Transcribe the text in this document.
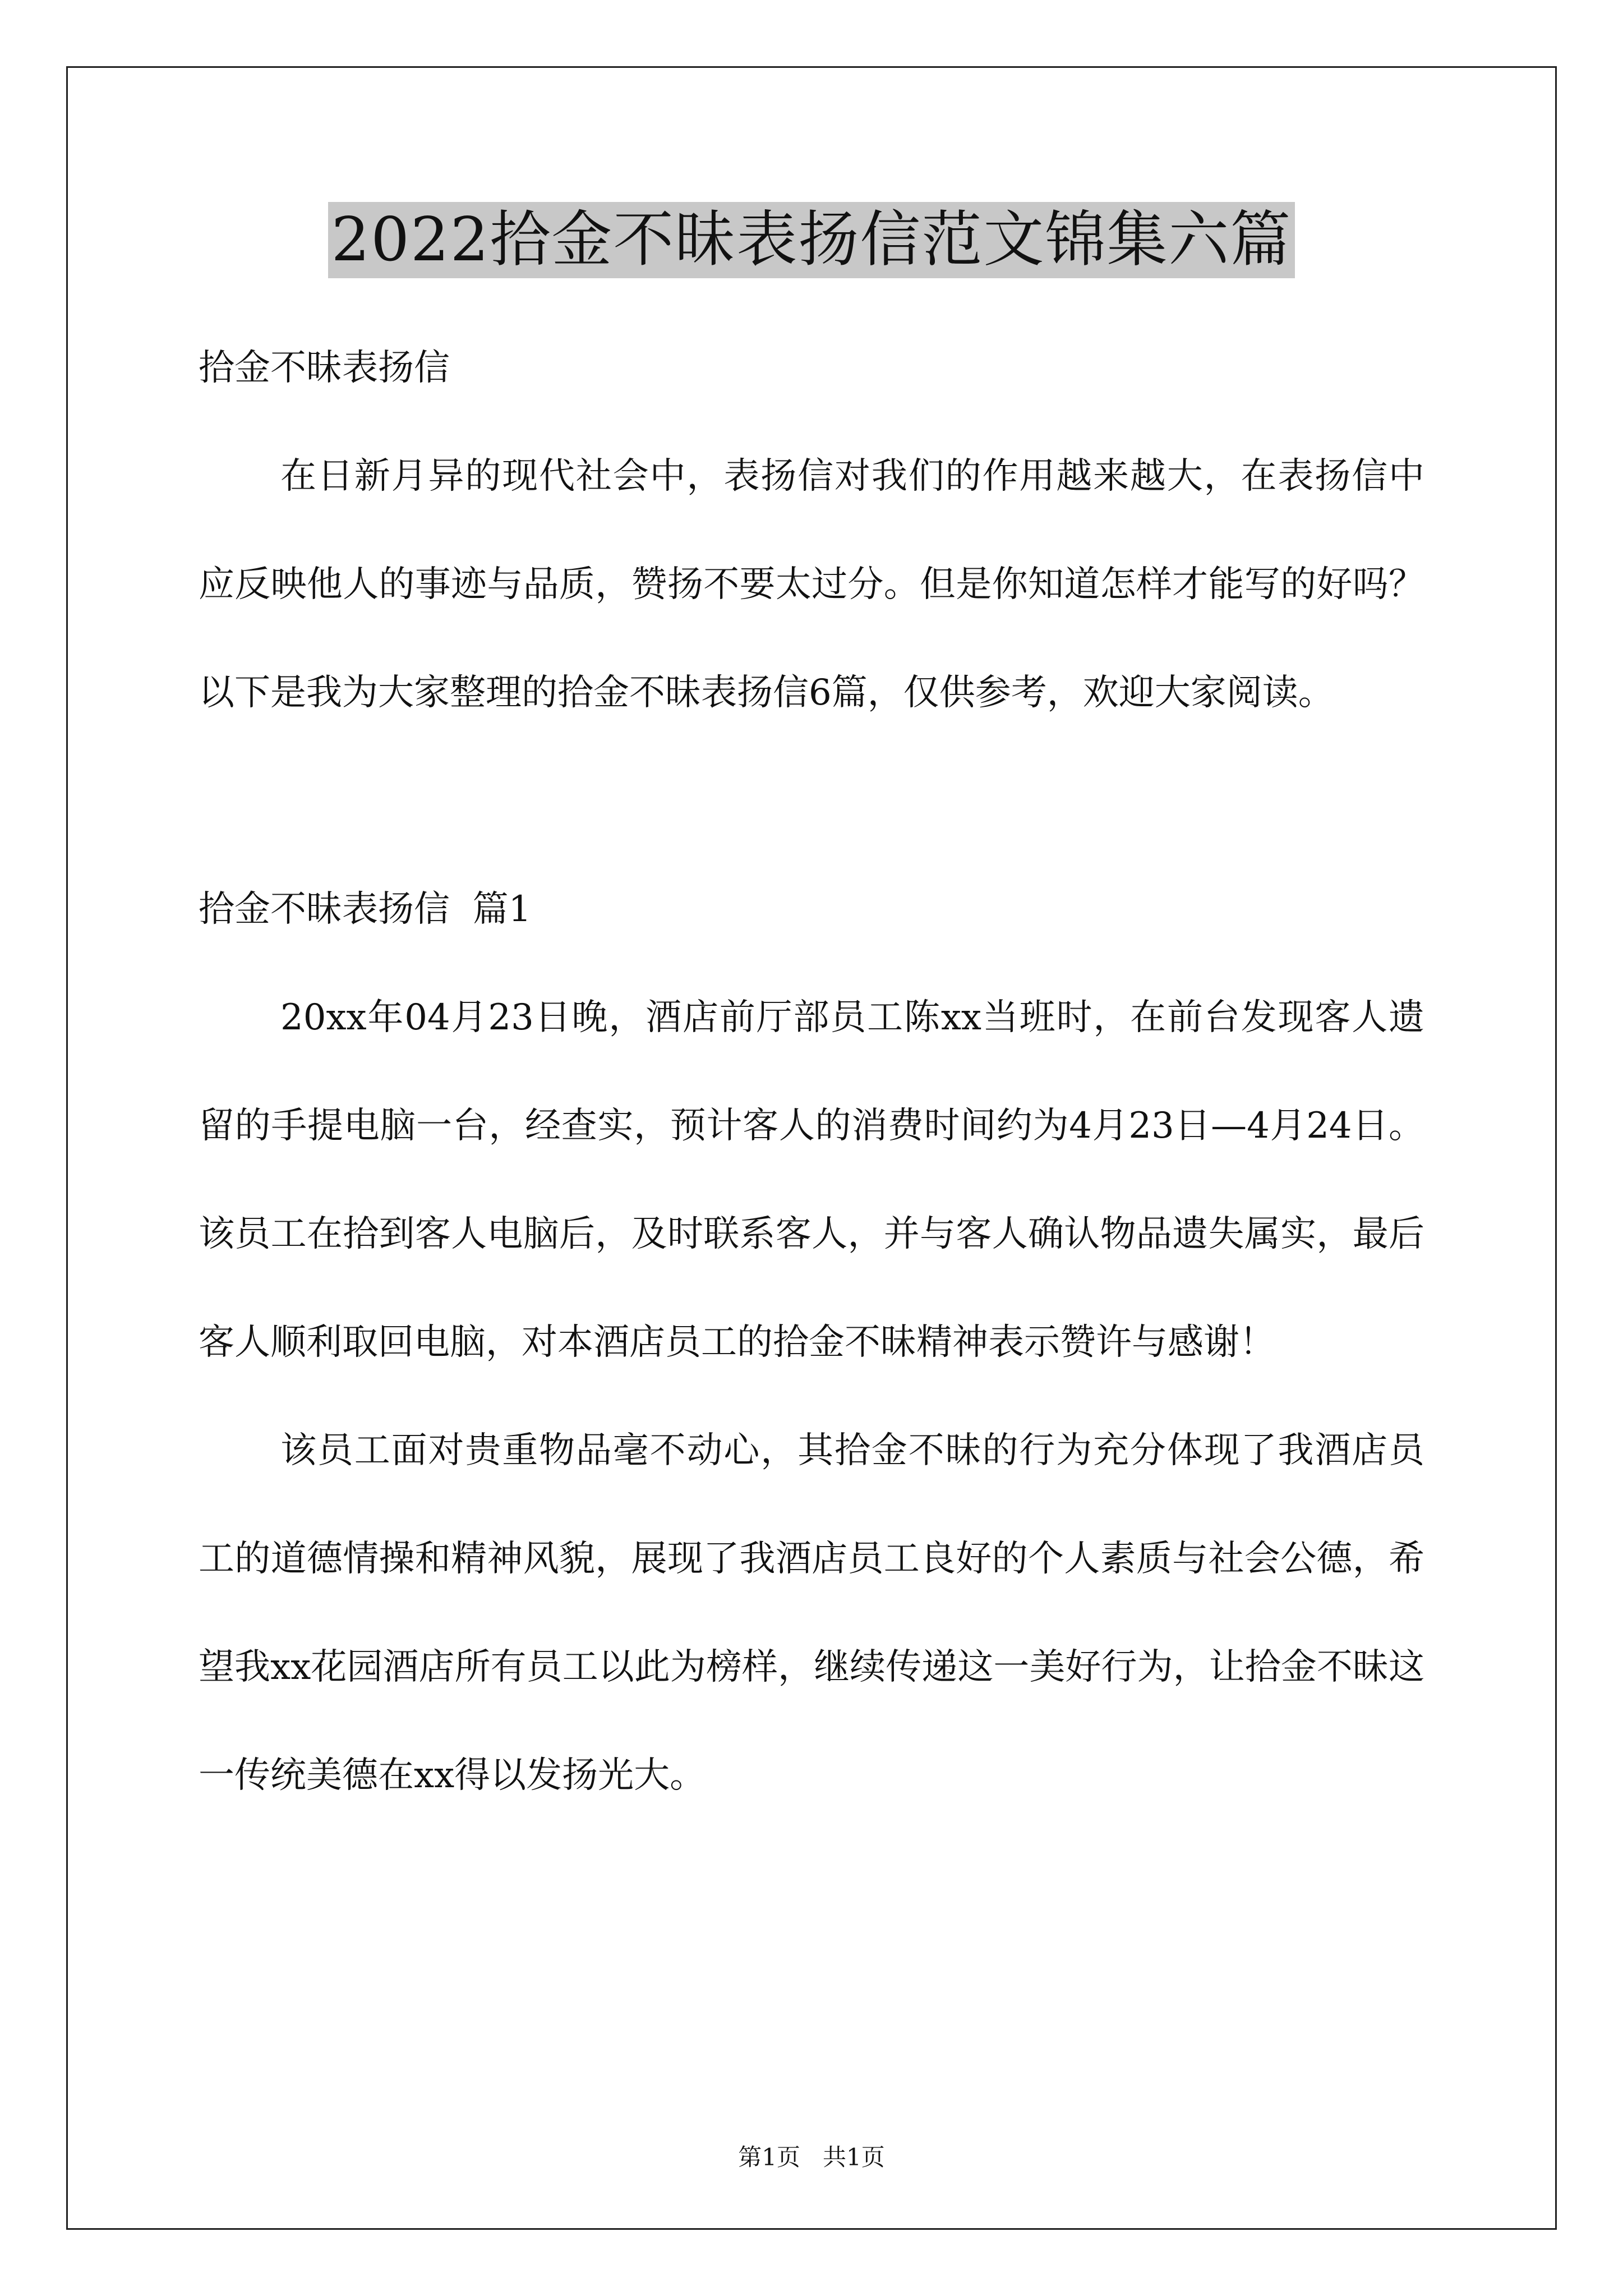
2022拾金不昧表扬信范文锦集六篇

拾金不昧表扬信

在日新月异的现代社会中，表扬信对我们的作用越来越大，在表扬信中应反映他人的事迹与品质，赞扬不要太过分。但是你知道怎样才能写的好吗？以下是我为大家整理的拾金不昧表扬信6篇，仅供参考，欢迎大家阅读。

拾金不昧表扬信  篇1

20xx年04月23日晚，酒店前厅部员工陈xx当班时，在前台发现客人遗留的手提电脑一台，经查实，预计客人的消费时间约为4月23日—4月24日。该员工在拾到客人电脑后，及时联系客人，并与客人确认物品遗失属实，最后客人顺利取回电脑，对本酒店员工的拾金不昧精神表示赞许与感谢！

该员工面对贵重物品毫不动心，其拾金不昧的行为充分体现了我酒店员工的道德情操和精神风貌，展现了我酒店员工良好的个人素质与社会公德，希望我xx花园酒店所有员工以此为榜样，继续传递这一美好行为，让拾金不昧这一传统美德在xx得以发扬光大。

第1页 共1页
